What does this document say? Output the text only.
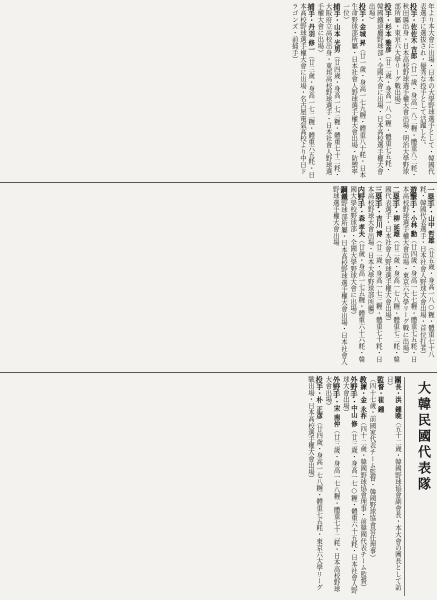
年より本大會に出場・日本の大學野球選手として・韓國代表選手に選拔され・優秀な投手として活躍した。
投手・佐佐木 吉郎（廿一歲・身高一八二糎・體重八二粍・秋田縣出身・日本高校野球選手權大會出場・明治大學野球部所屬・東京六大學リーグ戰出場）
投手・杉本 雅彦（廿二歲・身高一八○糎・體重七五粍・韓國鐵道廳野球部・全國大會に出場・日本高校選手權大會出場）
投手・金城 昇（廿一歲・身高一七九糎・體重八十粍・日本生命野球部所屬・日本社會人野球選手權大會出場・防禦率一位）
捕手・山本 光男（廿四歲・身高一七三糎・體重七十二粍・大阪府立高校出身・東邦高校野球選手・日本社會人野球選手權大會に出場）
捕手・丹羽 修一（廿三歲・身高一七二糎・體重六五粍・日本高校野球選手權大會に出場・名古屋電氣高校より中日ドラゴンズ・前捕手）
一塁手・山中 哲雄（廿五歲・身高一八○糎・體重七十八粍・韓國代表選手・日本社會人野球大會出場・首位打者）
遊撃手・小林 勳（廿四歲・身高一七七糎・體重七五粍・日本高校野球選手權大會出場・東京六大學リーグ戰に出場）
二塁手・柳 延雄（廿二歲・身高一七八糎・體重七二粍・韓國代表選手・日本社會人野球選手權大會出場）
三塁手・吉川 博（廿二歲・身高一七三糎・體重七十粍・日本高校野球大會出場・日本大學野球部所屬）
内野手・森 孝夫（廿歲・身高一七五糎・體重六十六粍・韓國大學校野球部・全國大學野球大會に出場）
鋼鐵野球部所屬・日本高校野球選手權大會出場・日本社會人野球選手權大會出場
大韓民國代表隊
團長・洪 鍾晩（五十二歲・韓國野球協會副會長・本大會の團長として訪日）
監督・崔 鍾（四十七歲・前國家代表チーム監督・韓國野球協會常任理事）
教練・金 永祚（四十二歲・韓國野球協會理事・前韓國代表チーム監督）
外野手・中山 修（廿三歲・身高一七○糎・體重六十五粍・日本社會人野球大會出場）
外野手・宋 南仲（廿三歲・身高一七八糎・體重七十二粍・日本高校野球大會出場）
投手・朴 正彦（廿四歲・身高一七八糎・體重七五粍・東京六大學リーグ戰出場・日本高校選手權大會出場）
